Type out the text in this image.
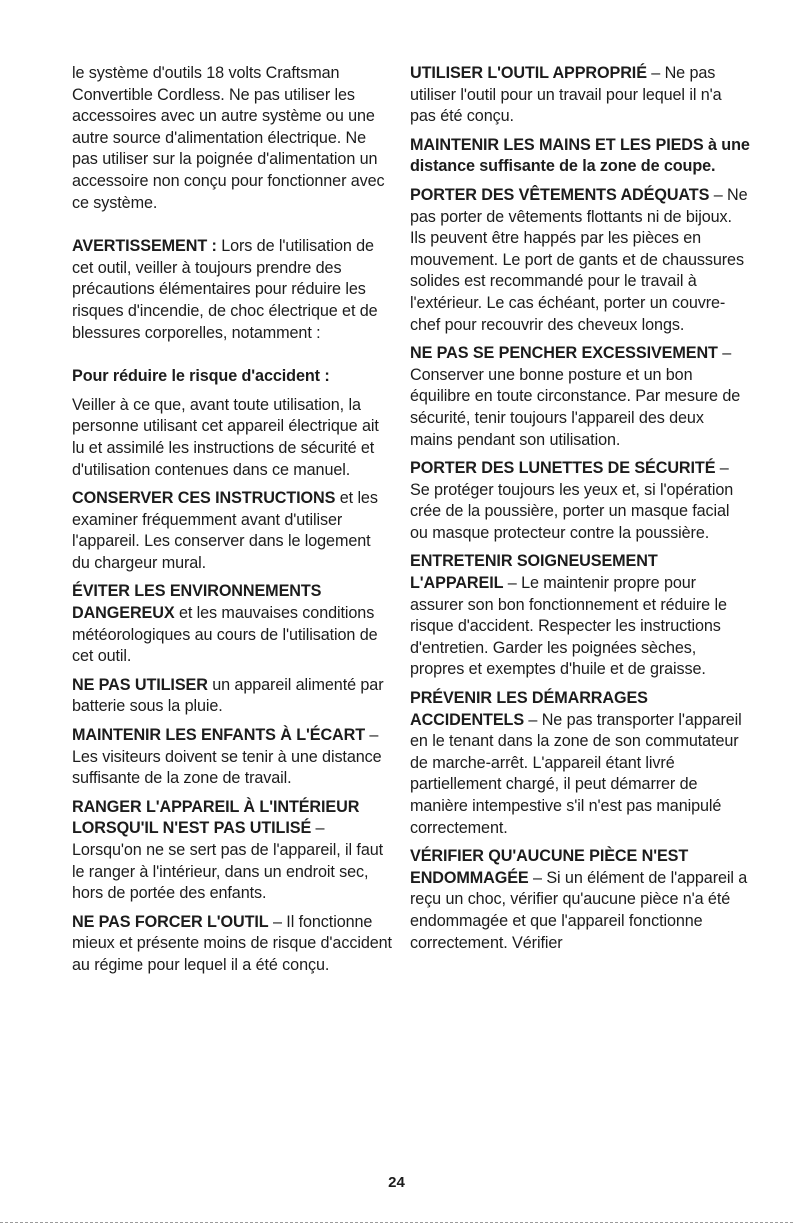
le système d'outils 18 volts Craftsman Convertible Cordless. Ne pas utiliser les accessoires avec un autre système ou une autre source d'alimentation électrique. Ne pas utiliser sur la poignée d'alimentation un accessoire non conçu pour fonctionner avec ce système.

AVERTISSEMENT : Lors de l'utilisation de cet outil, veiller à toujours prendre des précautions élémentaires pour réduire les risques d'incendie, de choc électrique et de blessures corporelles, notamment :

Pour réduire le risque d'accident :

Veiller à ce que, avant toute utilisation, la personne utilisant cet appareil électrique ait lu et assimilé les instructions de sécurité et d'utilisation contenues dans ce manuel.

CONSERVER CES INSTRUCTIONS et les examiner fréquemment avant d'utiliser l'appareil. Les conserver dans le logement du chargeur mural.

ÉVITER LES ENVIRONNEMENTS DANGEREUX et les mauvaises conditions météorologiques au cours de l'utilisation de cet outil.

NE PAS UTILISER un appareil alimenté par batterie sous la pluie.

MAINTENIR LES ENFANTS À L'ÉCART – Les visiteurs doivent se tenir à une distance suffisante de la zone de travail.

RANGER L'APPAREIL À L'INTÉRIEUR LORSQU'IL N'EST PAS UTILISÉ – Lorsqu'on ne se sert pas de l'appareil, il faut le ranger à l'intérieur, dans un endroit sec, hors de portée des enfants.

NE PAS FORCER L'OUTIL – Il fonctionne mieux et présente moins de risque d'accident au régime pour lequel il a été conçu.

UTILISER L'OUTIL APPROPRIÉ – Ne pas utiliser l'outil pour un travail pour lequel il n'a pas été conçu.

MAINTENIR LES MAINS ET LES PIEDS à une distance suffisante de la zone de coupe.

PORTER DES VÊTEMENTS ADÉQUATS – Ne pas porter de vêtements flottants ni de bijoux. Ils peuvent être happés par les pièces en mouvement. Le port de gants et de chaussures solides est recommandé pour le travail à l'extérieur. Le cas échéant, porter un couvre-chef pour recouvrir des cheveux longs.

NE PAS SE PENCHER EXCESSIVEMENT – Conserver une bonne posture et un bon équilibre en toute circonstance. Par mesure de sécurité, tenir toujours l'appareil des deux mains pendant son utilisation.

PORTER DES LUNETTES DE SÉCURITÉ – Se protéger toujours les yeux et, si l'opération crée de la poussière, porter un masque facial ou masque protecteur contre la poussière.

ENTRETENIR SOIGNEUSEMENT L'APPAREIL – Le maintenir propre pour assurer son bon fonctionnement et réduire le risque d'accident. Respecter les instructions d'entretien. Garder les poignées sèches, propres et exemptes d'huile et de graisse.

PRÉVENIR LES DÉMARRAGES ACCIDENTELS – Ne pas transporter l'appareil en le tenant dans la zone de son commutateur de marche-arrêt. L'appareil étant livré partiellement chargé, il peut démarrer de manière intempestive s'il n'est pas manipulé correctement.

VÉRIFIER QU'AUCUNE PIÈCE N'EST ENDOMMAGÉE – Si un élément de l'appareil a reçu un choc, vérifier qu'aucune pièce n'a été endommagée et que l'appareil fonctionne correctement. Vérifier

24
